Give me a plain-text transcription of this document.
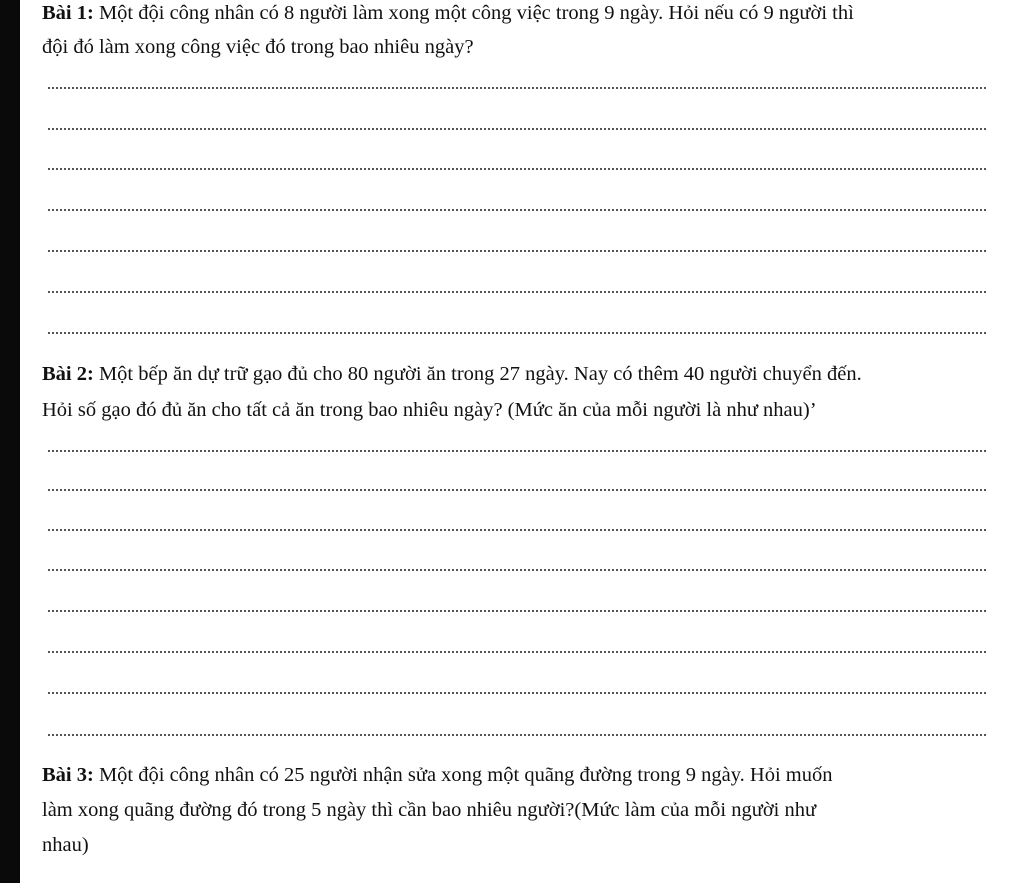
Bài 1: Một đội công nhân có 8 người làm xong một công việc trong 9 ngày. Hỏi nếu có 9 người thì
đội đó làm xong công việc đó trong bao nhiêu ngày?
Bài 2: Một bếp ăn dự trữ gạo đủ cho 80 người ăn trong 27 ngày. Nay có thêm 40 người chuyển đến.
Hỏi số gạo đó đủ ăn cho tất cả ăn trong bao nhiêu ngày? (Mức ăn của mỗi người là như nhau)’
Bài 3: Một đội công nhân có 25 người nhận sửa xong một quãng đường trong 9 ngày. Hỏi muốn
làm xong quãng đường đó trong 5 ngày thì cần bao nhiêu người?(Mức làm của mỗi người như
nhau)
